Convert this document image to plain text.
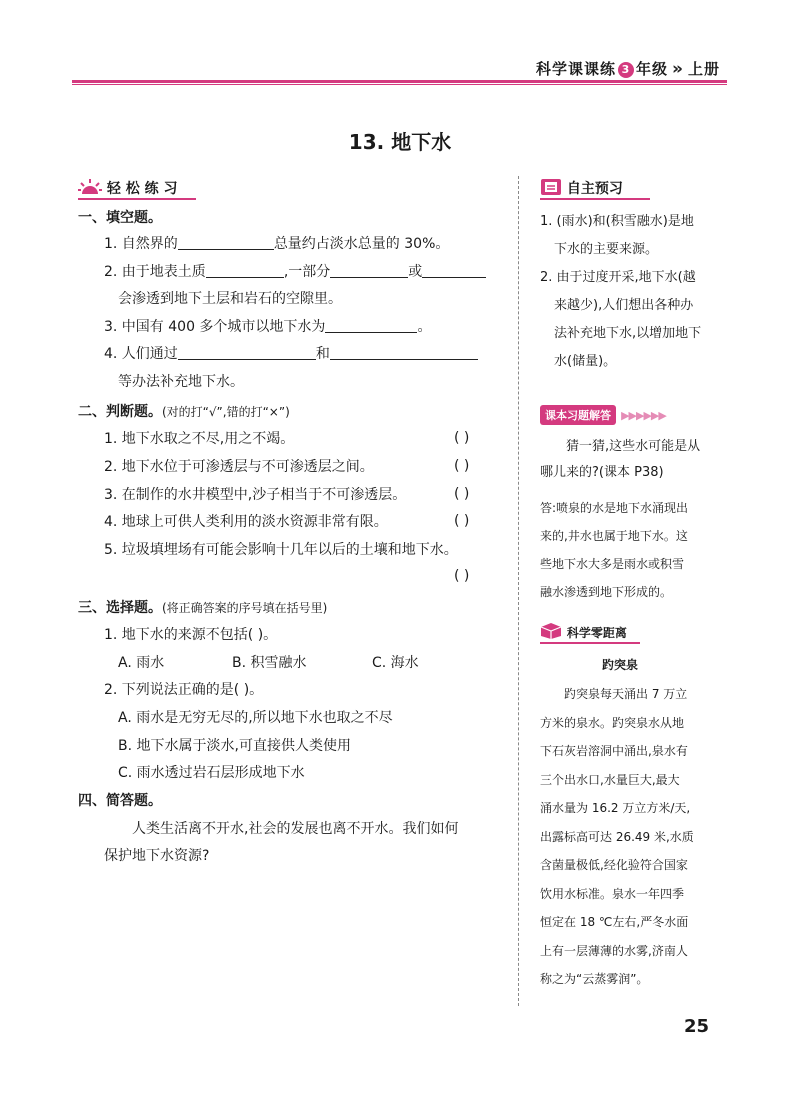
科学课课练 3 年级 » 上册
13. 地下水
轻 松 练 习
一、填空题。
1. 自然界的	总量约占淡水总量的 30%。
2. 由于地表土质	,一部分	或
会渗透到地下土层和岩石的空隙里。
3. 中国有 400 多个城市以地下水为	。
4. 人们通过	和
等办法补充地下水。
二、判断题。(对的打“√”,错的打“×”)
1. 地下水取之不尽,用之不竭。	( )
2. 地下水位于可渗透层与不可渗透层之间。	( )
3. 在制作的水井模型中,沙子相当于不可渗透层。	( )
4. 地球上可供人类利用的淡水资源非常有限。	( )
5. 垃圾填埋场有可能会影响十几年以后的土壤和地下水。
( )
三、选择题。(将正确答案的序号填在括号里)
1. 地下水的来源不包括( )。
A. 雨水	B. 积雪融水	C. 海水
2. 下列说法正确的是( )。
A. 雨水是无穷无尽的,所以地下水也取之不尽
B. 地下水属于淡水,可直接供人类使用
C. 雨水透过岩石层形成地下水
四、简答题。
人类生活离不开水,社会的发展也离不开水。我们如何
保护地下水资源?
自主预习
1. (雨水)和(积雪融水)是地
下水的主要来源。
2. 由于过度开采,地下水(越
来越少),人们想出各种办
法补充地下水,以增加地下
水(储量)。
课本习题解答 ▶▶▶▶▶▶
猜一猜,这些水可能是从
哪儿来的?(课本 P38)
答:喷泉的水是地下水涌现出
来的,井水也属于地下水。这
些地下水大多是雨水或积雪
融水渗透到地下形成的。
科学零距离
趵突泉
趵突泉每天涌出 7 万立
方米的泉水。趵突泉水从地
下石灰岩溶洞中涌出,泉水有
三个出水口,水量巨大,最大
涌水量为 16.2 万立方米/天,
出露标高可达 26.49 米,水质
含菌量极低,经化验符合国家
饮用水标准。泉水一年四季
恒定在 18 ℃左右,严冬水面
上有一层薄薄的水雾,济南人
称之为“云蒸雾润”。
25
